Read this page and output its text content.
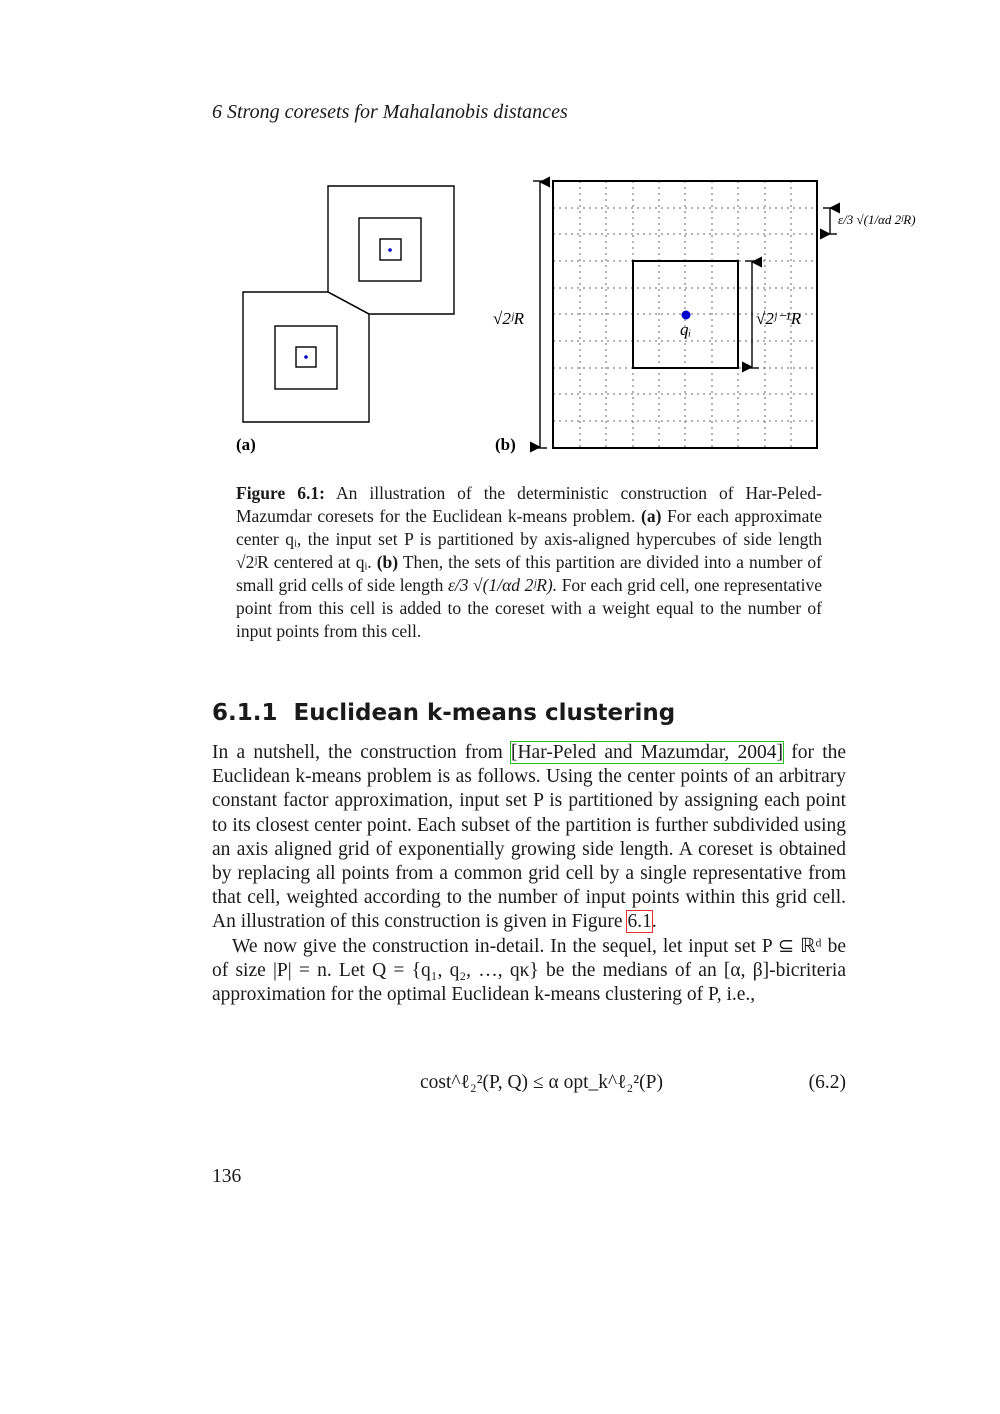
6 Strong coresets for Mahalanobis distances
(a)	(b)
√2ʲR	√2ʲ⁻¹R
qᵢ
ε/3 √(1/αd 2ʲR)
Figure 6.1: An illustration of the deterministic construction of Har-Peled-Mazumdar coresets for the Euclidean k-means problem. (a) For each approximate center qᵢ, the input set P is partitioned by axis-aligned hypercubes of side length √2ʲR centered at qᵢ. (b) Then, the sets of this partition are divided into a number of small grid cells of side length ε/3 √(1/αd 2ʲR). For each grid cell, one representative point from this cell is added to the coreset with a weight equal to the number of input points from this cell.
6.1.1 Euclidean k-means clustering

In a nutshell, the construction from [Har-Peled and Mazumdar, 2004] for the Euclidean k-means problem is as follows. Using the center points of an arbitrary constant factor approximation, input set P is partitioned by assigning each point to its closest center point. Each subset of the partition is further subdivided using an axis aligned grid of exponentially growing side length. A coreset is obtained by replacing all points from a common grid cell by a single representative from that cell, weighted according to the number of input points within this grid cell. An illustration of this construction is given in Figure 6.1.

We now give the construction in-detail. In the sequel, let input set P ⊆ ℝᵈ be of size |P| = n. Let Q = {q₁, q₂, …, qκ} be the medians of an [α, β]-bicriteria approximation for the optimal Euclidean k-means clustering of P, i.e.,

cost^ℓ₂²(P, Q) ≤ α opt_k^ℓ₂²(P)	(6.2)
136
